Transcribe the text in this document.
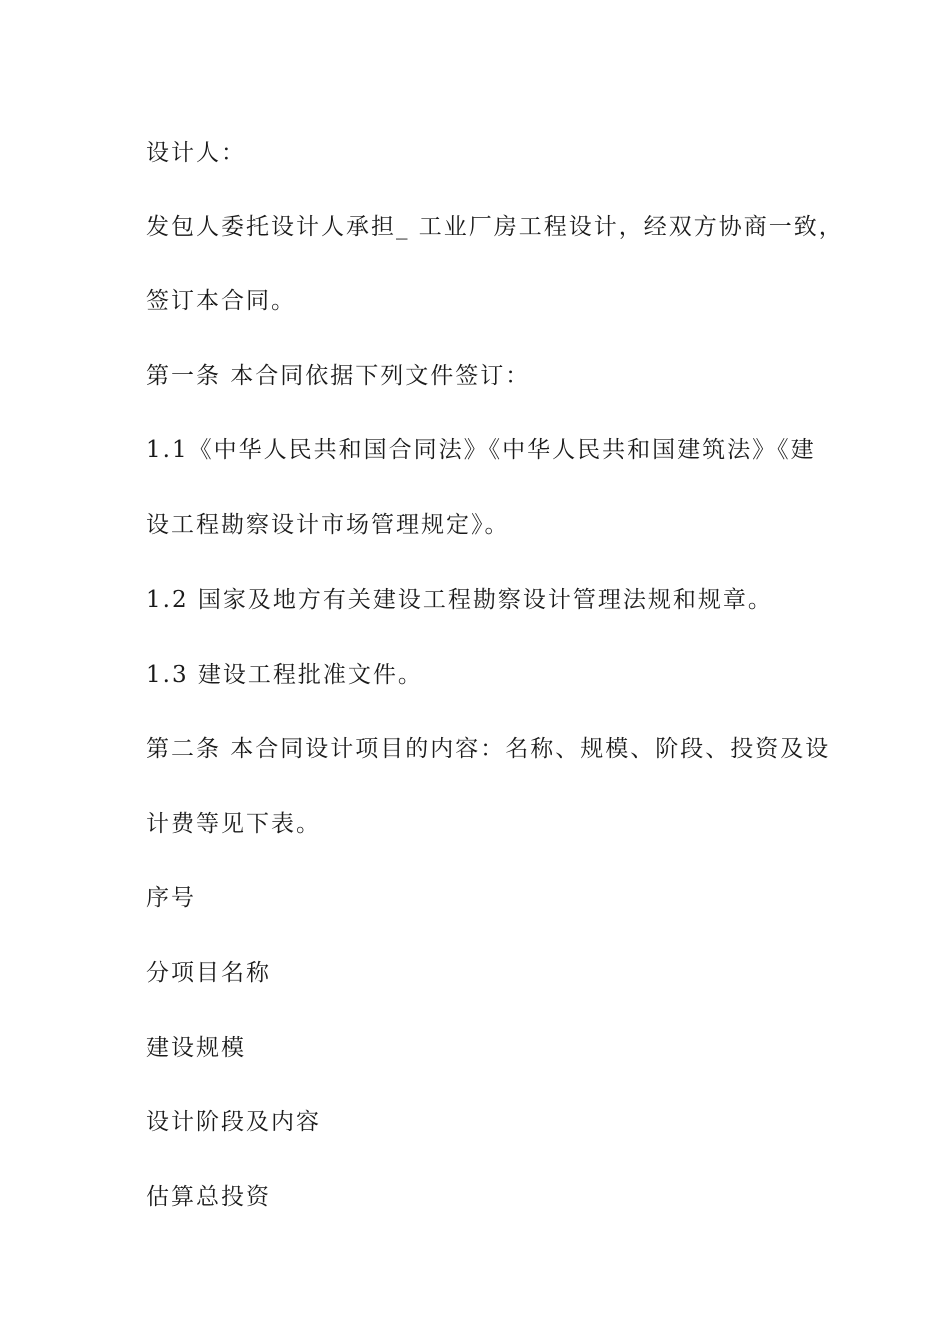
设计人：
发包人委托设计人承担_ 工业厂房工程设计，经双方协商一致，
签订本合同。
第一条 本合同依据下列文件签订：
1.1《中华人民共和国合同法》《中华人民共和国建筑法》《建
设工程勘察设计市场管理规定》。
1.2 国家及地方有关建设工程勘察设计管理法规和规章。
1.3 建设工程批准文件。
第二条 本合同设计项目的内容：名称、规模、阶段、投资及设
计费等见下表。
序号
分项目名称
建设规模
设计阶段及内容
估算总投资
